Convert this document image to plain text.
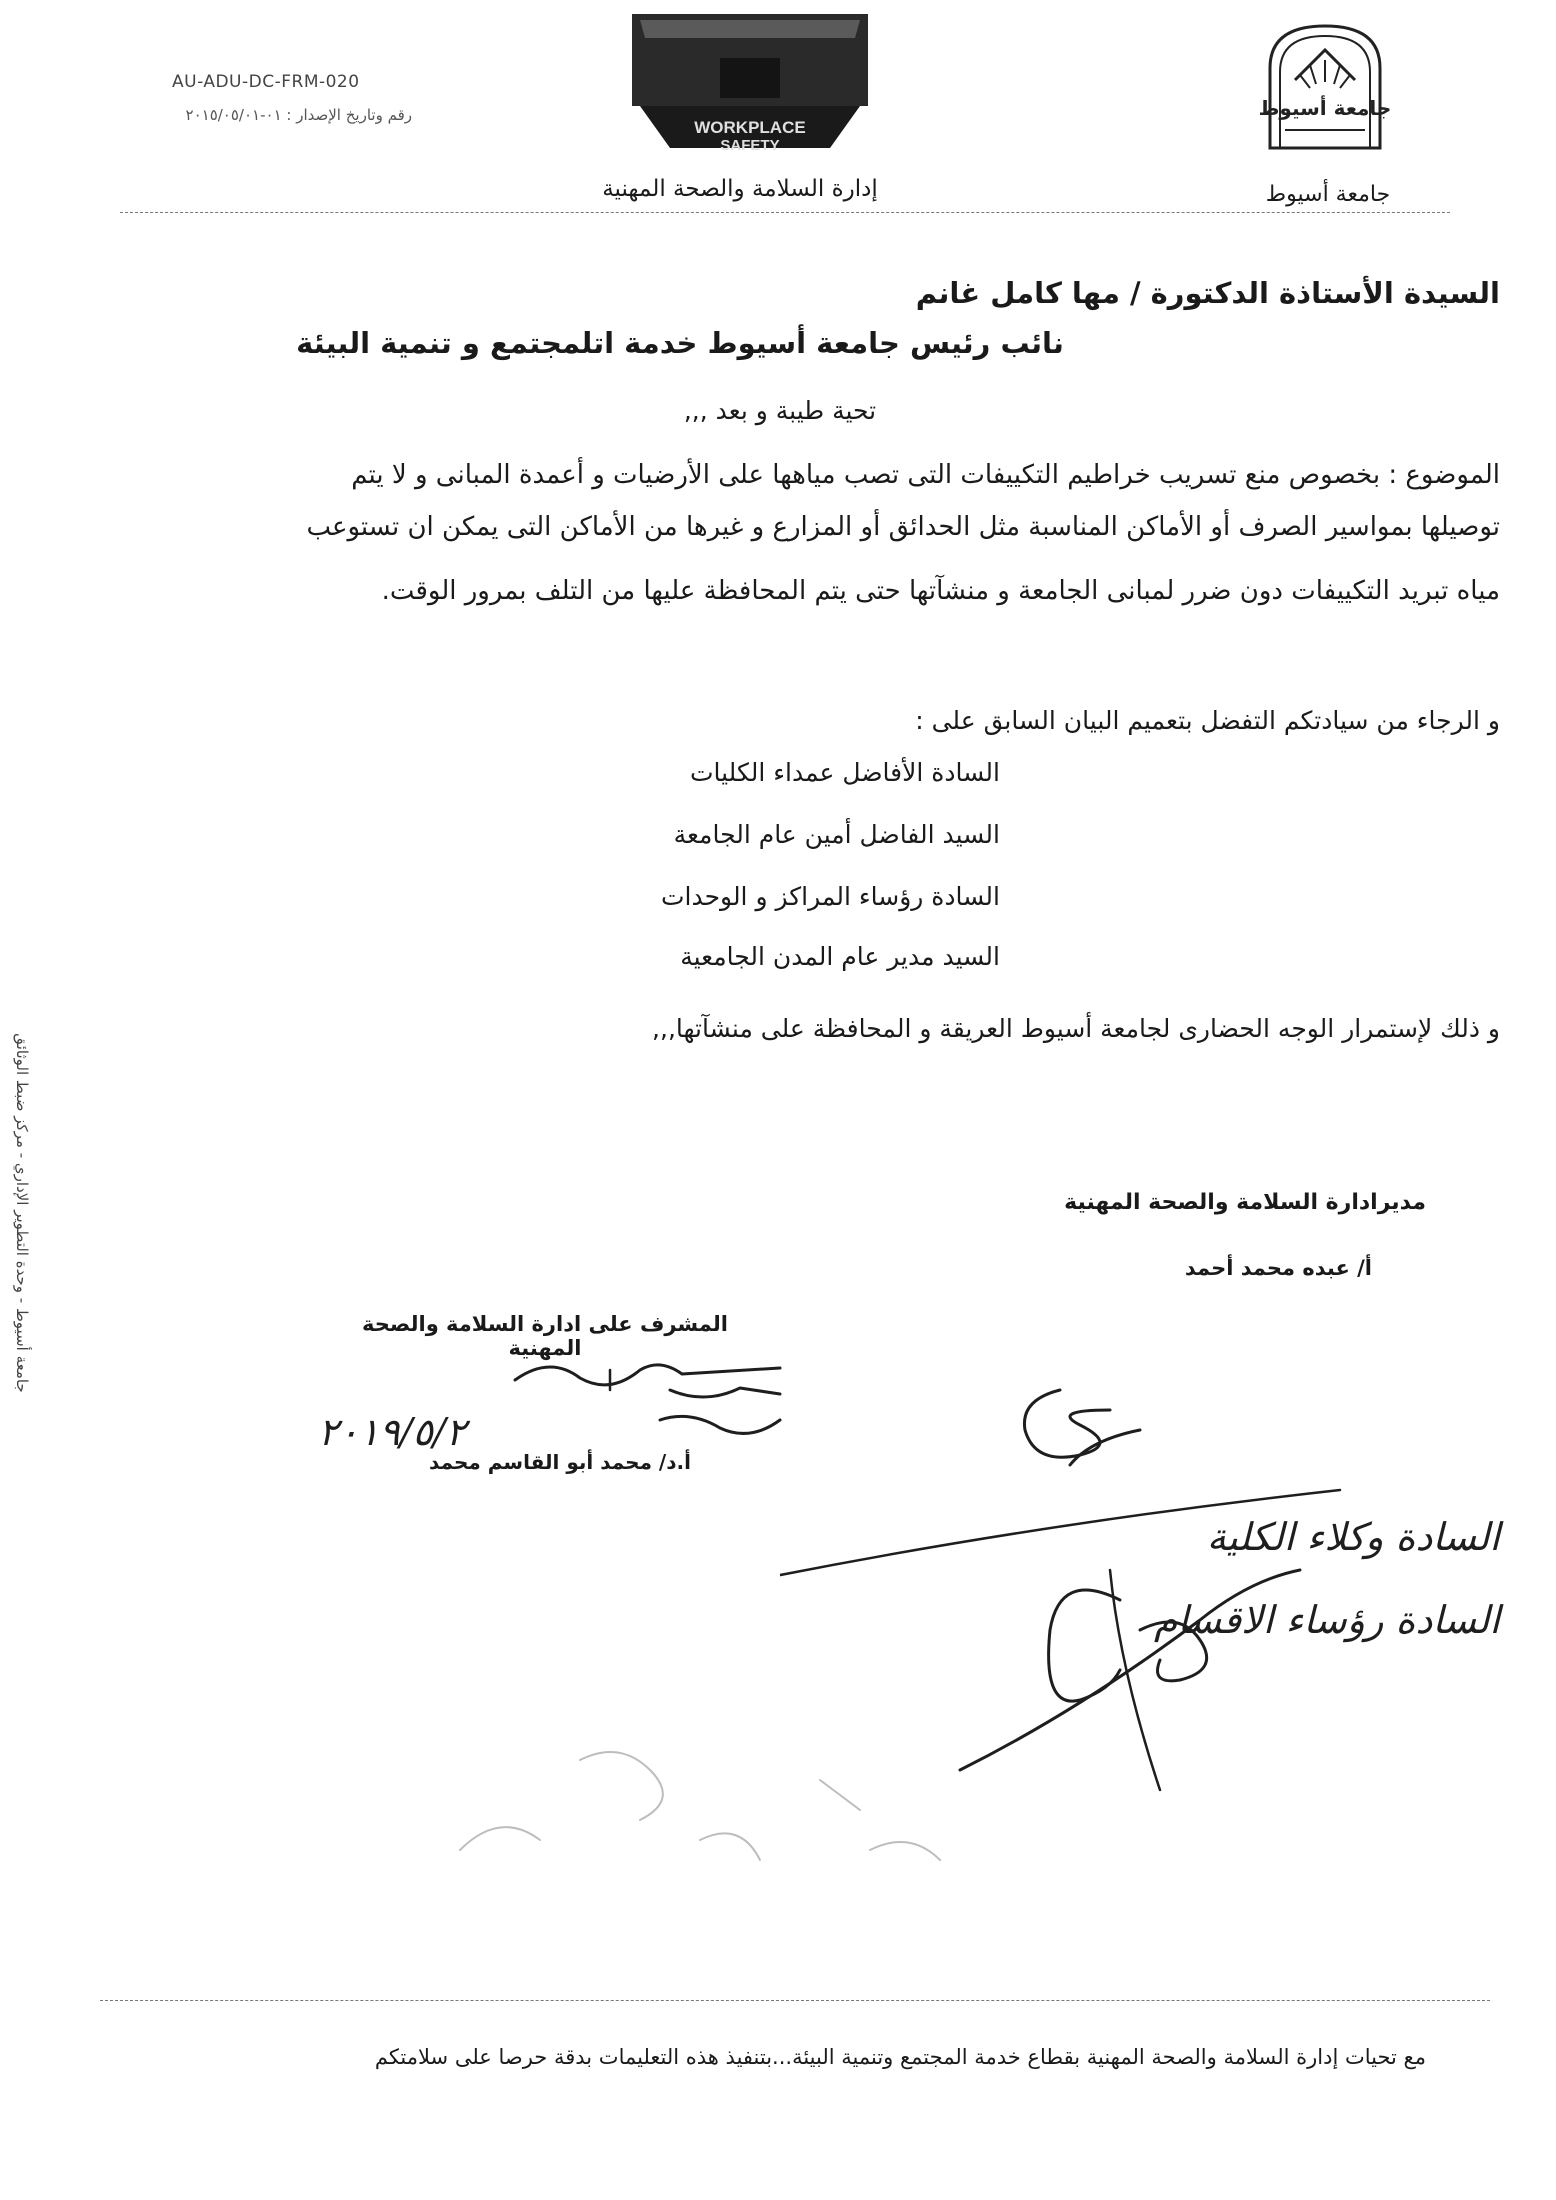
AU-ADU-DC-FRM-020
رقم وتاريخ الإصدار : ٠١-٢٠١٥/٠٥/٠١
WORKPLACE
SAFETY
إدارة السلامة والصحة المهنية
جامعة أسيوط
جامعة أسيوط
جامعة أسيوط - وحدة التطوير الإداري - مركز ضبط الوثائق
السيدة الأستاذة الدكتورة / مها كامل غانم
نائب رئيس جامعة أسيوط خدمة اتلمجتمع و تنمية البيئة
تحية طيبة و بعد ,,,
الموضوع : بخصوص منع تسريب خراطيم التكييفات التى تصب مياهها على الأرضيات و أعمدة المبانى و لا يتم
توصيلها بمواسير الصرف أو الأماكن المناسبة مثل الحدائق أو المزارع و غيرها من الأماكن التى يمكن ان تستوعب
مياه تبريد التكييفات دون ضرر لمبانى الجامعة و منشآتها حتى يتم المحافظة عليها من التلف بمرور الوقت.
و الرجاء من سيادتكم التفضل بتعميم البيان السابق على :
السادة الأفاضل عمداء الكليات
السيد الفاضل أمين عام الجامعة
السادة رؤساء المراكز و الوحدات
السيد مدير عام المدن الجامعية
و ذلك لإستمرار الوجه الحضارى لجامعة أسيوط العريقة و المحافظة على منشآتها,,,
مديرادارة السلامة والصحة المهنية
أ/ عبده محمد أحمد
المشرف على ادارة السلامة والصحة المهنية
٢٠١٩/٥/٢
أ.د/ محمد أبو القاسم محمد
السادة وكلاء الكلية
السادة رؤساء الاقسام
مع تحيات إدارة السلامة والصحة المهنية بقطاع خدمة المجتمع وتنمية البيئة...بتنفيذ هذه التعليمات بدقة حرصا على سلامتكم
